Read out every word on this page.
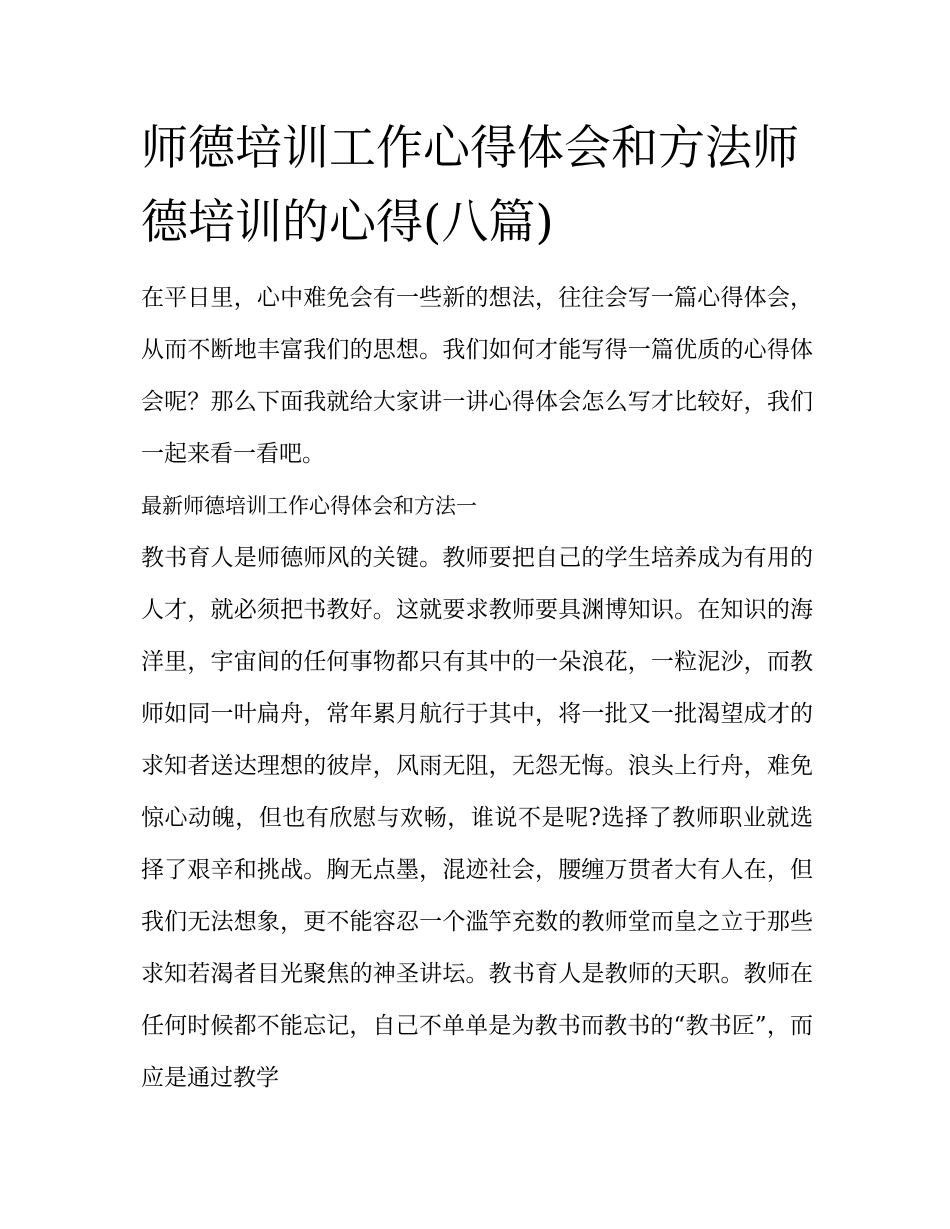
师德培训工作心得体会和方法师德培训的心得(八篇)

在平日里，心中难免会有一些新的想法，往往会写一篇心得体会，从而不断地丰富我们的思想。我们如何才能写得一篇优质的心得体会呢？那么下面我就给大家讲一讲心得体会怎么写才比较好，我们一起来看一看吧。

最新师德培训工作心得体会和方法一

教书育人是师德师风的关键。教师要把自己的学生培养成为有用的人才，就必须把书教好。这就要求教师要具渊博知识。在知识的海洋里，宇宙间的任何事物都只有其中的一朵浪花，一粒泥沙，而教师如同一叶扁舟，常年累月航行于其中，将一批又一批渴望成才的求知者送达理想的彼岸，风雨无阻，无怨无悔。浪头上行舟，难免惊心动魄，但也有欣慰与欢畅，谁说不是呢?选择了教师职业就选择了艰辛和挑战。胸无点墨，混迹社会，腰缠万贯者大有人在，但我们无法想象，更不能容忍一个滥竽充数的教师堂而皇之立于那些求知若渴者目光聚焦的神圣讲坛。教书育人是教师的天职。教师在任何时候都不能忘记，自己不单单是为教书而教书的“教书匠”，而应是通过教学
